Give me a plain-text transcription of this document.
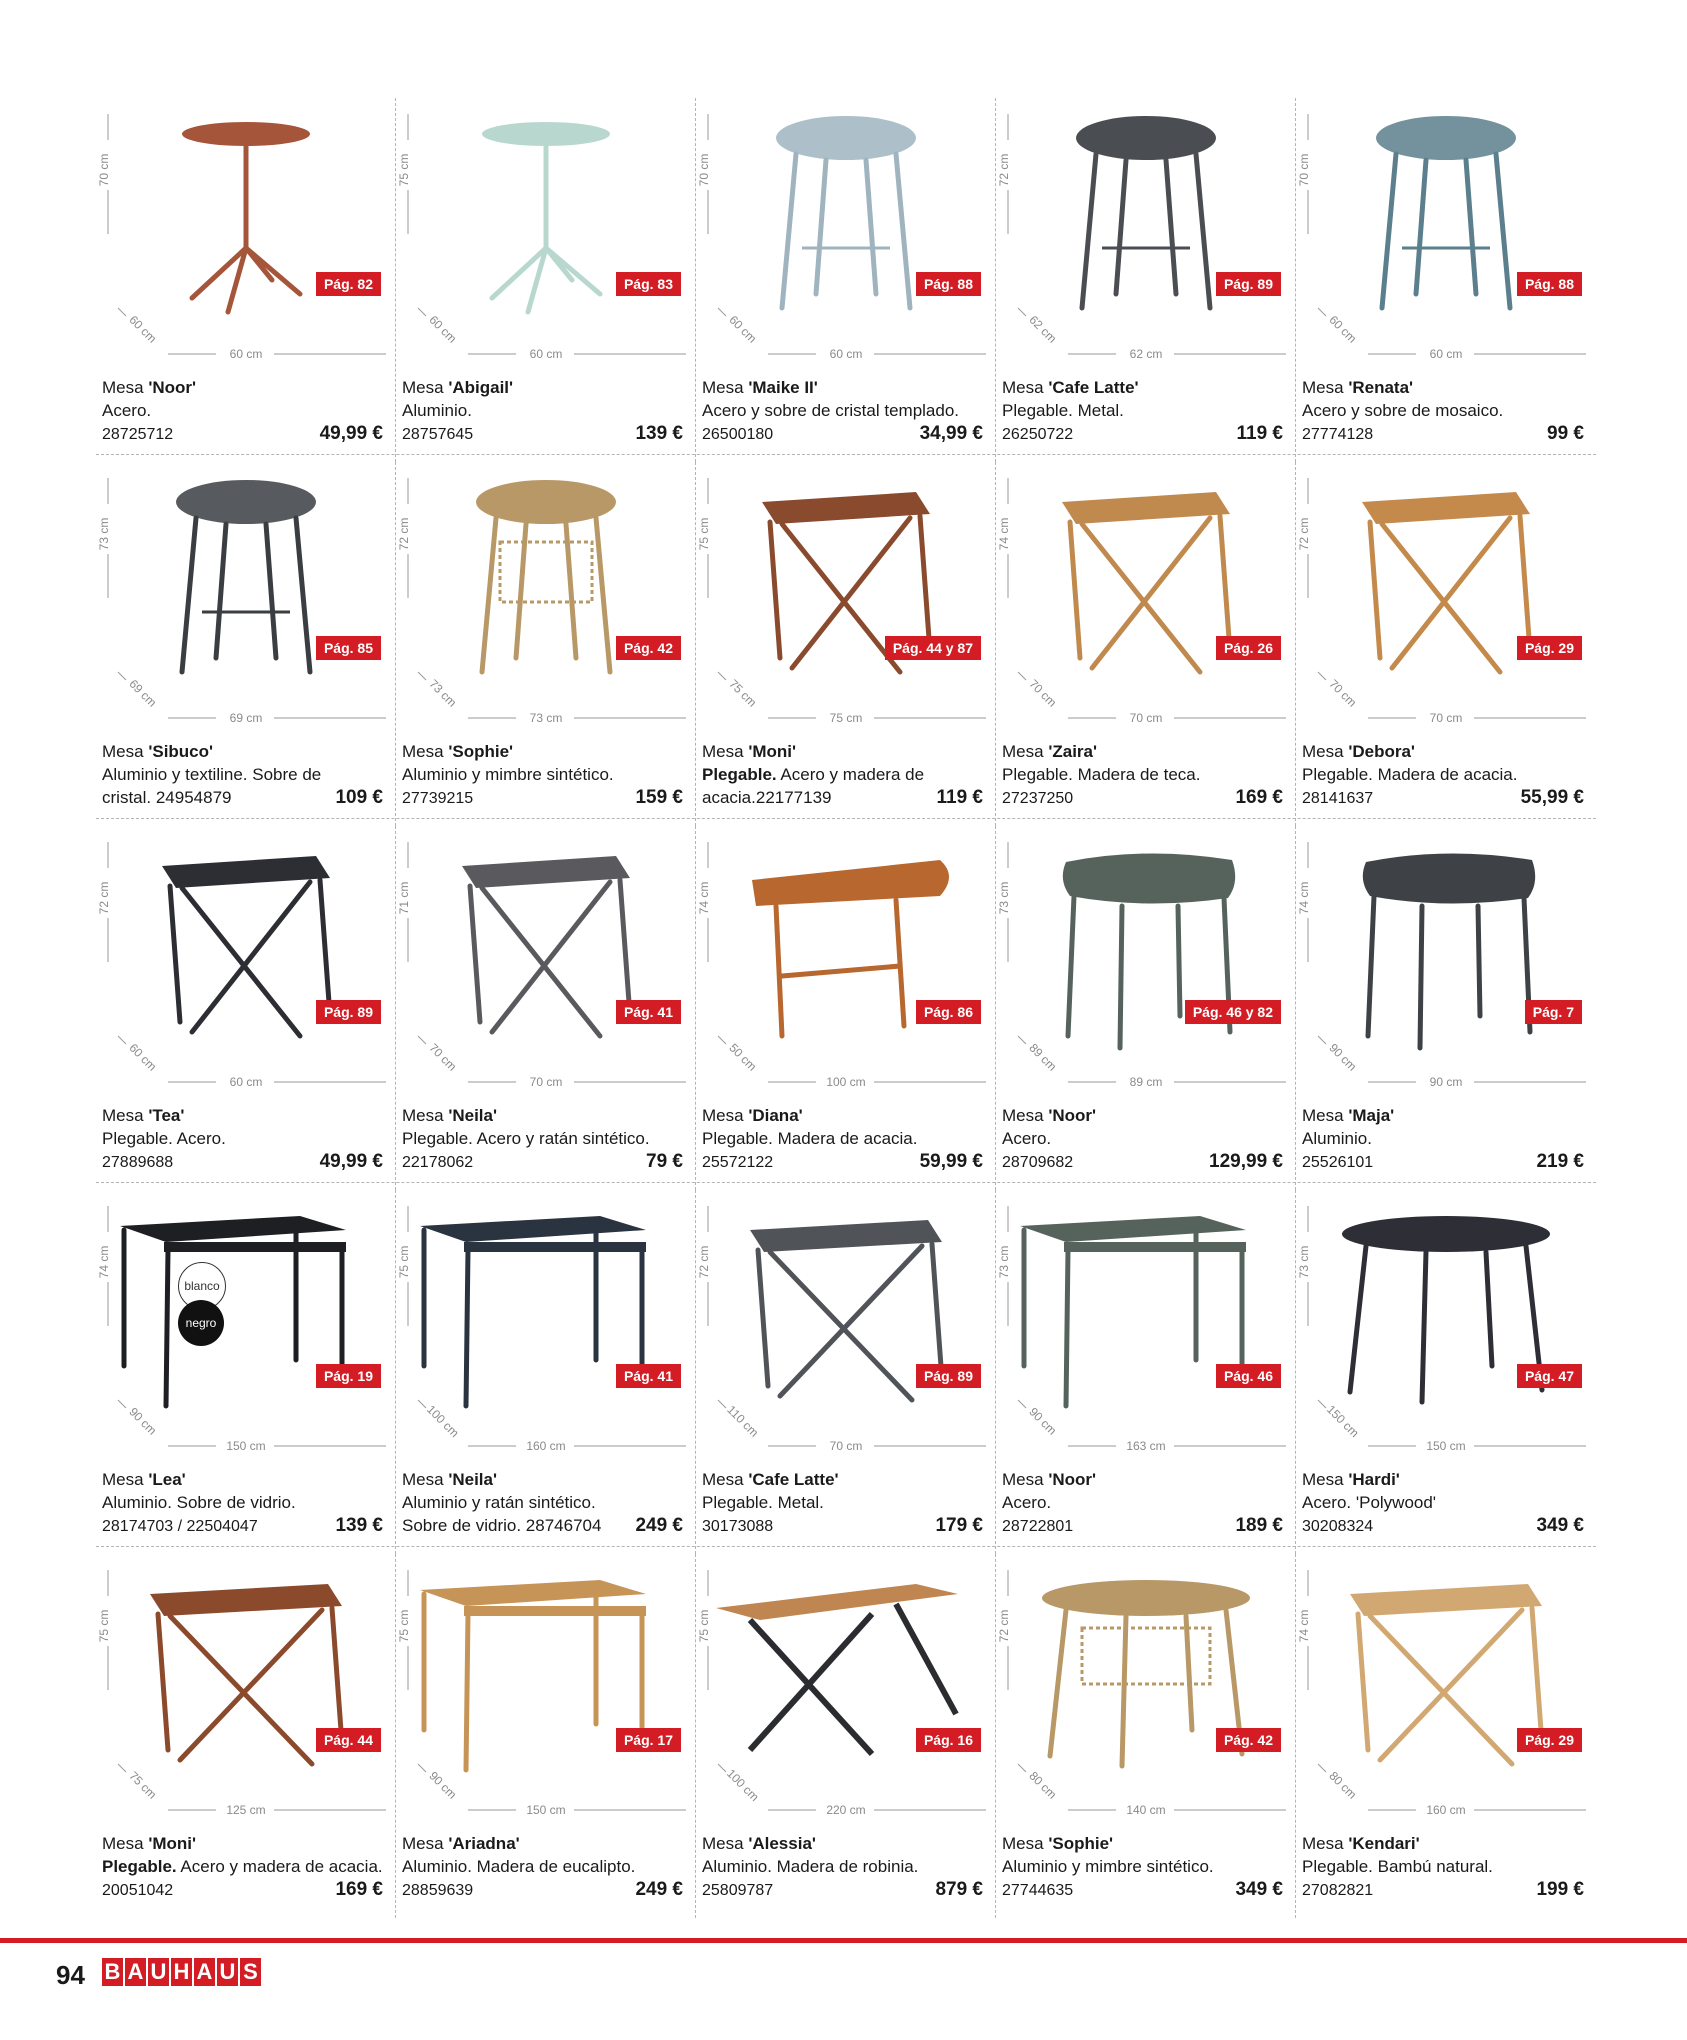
70 cm
60 cm
60 cm
Pág. 82
Mesa 'Noor'
Acero.
28725712	49,99 €
75 cm
60 cm
60 cm
Pág. 83
Mesa 'Abigail'
Aluminio.
28757645	139 €
70 cm
60 cm
60 cm
Pág. 88
Mesa 'Maike II'
Acero y sobre de cristal templado.
26500180	34,99 €
72 cm
62 cm
62 cm
Pág. 89
Mesa 'Cafe Latte'
Plegable. Metal.
26250722	119 €
70 cm
60 cm
60 cm
Pág. 88
Mesa 'Renata'
Acero y sobre de mosaico.
27774128	99 €
73 cm
69 cm
69 cm
Pág. 85
Mesa 'Sibuco'
Aluminio y textiline. Sobre de cristal. 24954879	109 €
72 cm
73 cm
73 cm
Pág. 42
Mesa 'Sophie'
Aluminio y mimbre sintético.
27739215	159 €
75 cm
75 cm
75 cm
Pág. 44 y 87
Mesa 'Moni'
Plegable. Acero y madera de acacia.22177139	119 €
74 cm
70 cm
70 cm
Pág. 26
Mesa 'Zaira'
Plegable. Madera de teca.
27237250	169 €
72 cm
70 cm
70 cm
Pág. 29
Mesa 'Debora'
Plegable. Madera de acacia.
28141637	55,99 €
72 cm
60 cm
60 cm
Pág. 89
Mesa 'Tea'
Plegable. Acero.
27889688	49,99 €
71 cm
70 cm
70 cm
Pág. 41
Mesa 'Neila'
Plegable. Acero y ratán sintético.
22178062	79 €
74 cm
50 cm
100 cm
Pág. 86
Mesa 'Diana'
Plegable. Madera de acacia.
25572122	59,99 €
73 cm
89 cm
89 cm
Pág. 46 y 82
Mesa 'Noor'
Acero.
28709682	129,99 €
74 cm
90 cm
90 cm
Pág. 7
Mesa 'Maja'
Aluminio.
25526101	219 €
74 cm
90 cm
150 cm
Pág. 19
Mesa 'Lea'
Aluminio. Sobre de vidrio.
28174703 / 22504047	139 €
blanco
negro
75 cm
100 cm
160 cm
Pág. 41
Mesa 'Neila'
Aluminio y ratán sintético. Sobre de vidrio. 28746704	249 €
72 cm
110 cm
70 cm
Pág. 89
Mesa 'Cafe Latte'
Plegable. Metal.
30173088	179 €
73 cm
90 cm
163 cm
Pág. 46
Mesa 'Noor'
Acero.
28722801	189 €
73 cm
150 cm
150 cm
Pág. 47
Mesa 'Hardi'
Acero. 'Polywood'
30208324	349 €
75 cm
75 cm
125 cm
Pág. 44
Mesa 'Moni'
Plegable. Acero y madera de acacia.
20051042	169 €
75 cm
90 cm
150 cm
Pág. 17
Mesa 'Ariadna'
Aluminio. Madera de eucalipto.
28859639	249 €
75 cm
100 cm
220 cm
Pág. 16
Mesa 'Alessia'
Aluminio. Madera de robinia.
25809787	879 €
72 cm
80 cm
140 cm
Pág. 42
Mesa 'Sophie'
Aluminio y mimbre sintético.
27744635	349 €
74 cm
80 cm
160 cm
Pág. 29
Mesa 'Kendari'
Plegable. Bambú natural.
27082821	199 €
94 B A U H A U S
